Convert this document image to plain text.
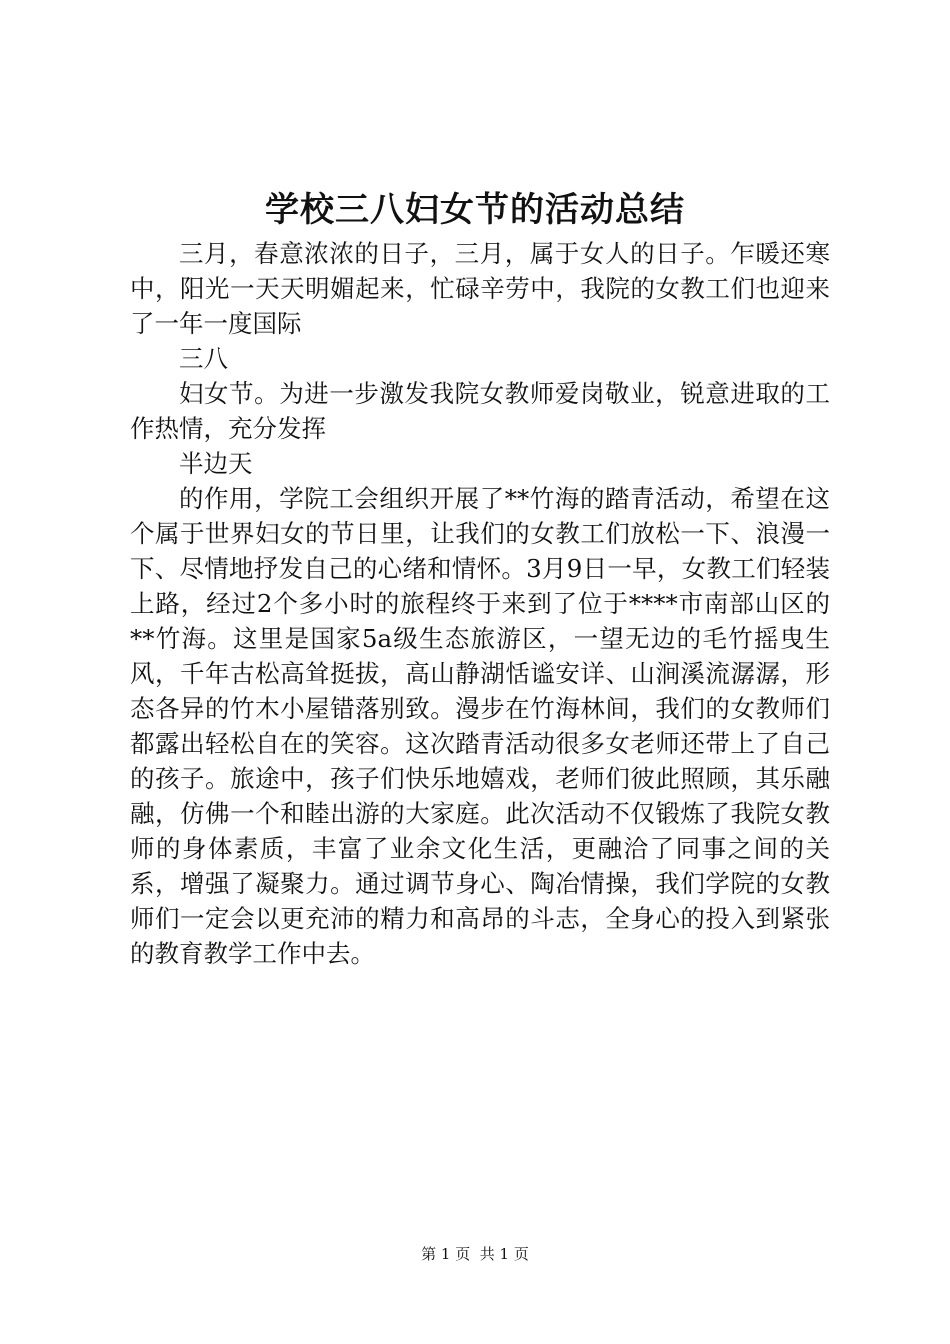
学校三八妇女节的活动总结

三月，春意浓浓的日子，三月，属于女人的日子。乍暖还寒中，阳光一天天明媚起来，忙碌辛劳中，我院的女教工们也迎来了一年一度国际

三八

妇女节。为进一步激发我院女教师爱岗敬业，锐意进取的工作热情，充分发挥

半边天

的作用，学院工会组织开展了**竹海的踏青活动，希望在这个属于世界妇女的节日里，让我们的女教工们放松一下、浪漫一下、尽情地抒发自己的心绪和情怀。3月9日一早，女教工们轻装上路，经过2个多小时的旅程终于来到了位于****市南部山区的**竹海。这里是国家5a级生态旅游区，一望无边的毛竹摇曳生风，千年古松高耸挺拔，高山静湖恬谧安详、山涧溪流潺潺，形态各异的竹木小屋错落别致。漫步在竹海林间，我们的女教师们都露出轻松自在的笑容。这次踏青活动很多女老师还带上了自己的孩子。旅途中，孩子们快乐地嬉戏，老师们彼此照顾，其乐融融，仿佛一个和睦出游的大家庭。此次活动不仅锻炼了我院女教师的身体素质，丰富了业余文化生活，更融洽了同事之间的关系，增强了凝聚力。通过调节身心、陶冶情操，我们学院的女教师们一定会以更充沛的精力和高昂的斗志，全身心的投入到紧张的教育教学工作中去。

第 1 页 共 1 页
